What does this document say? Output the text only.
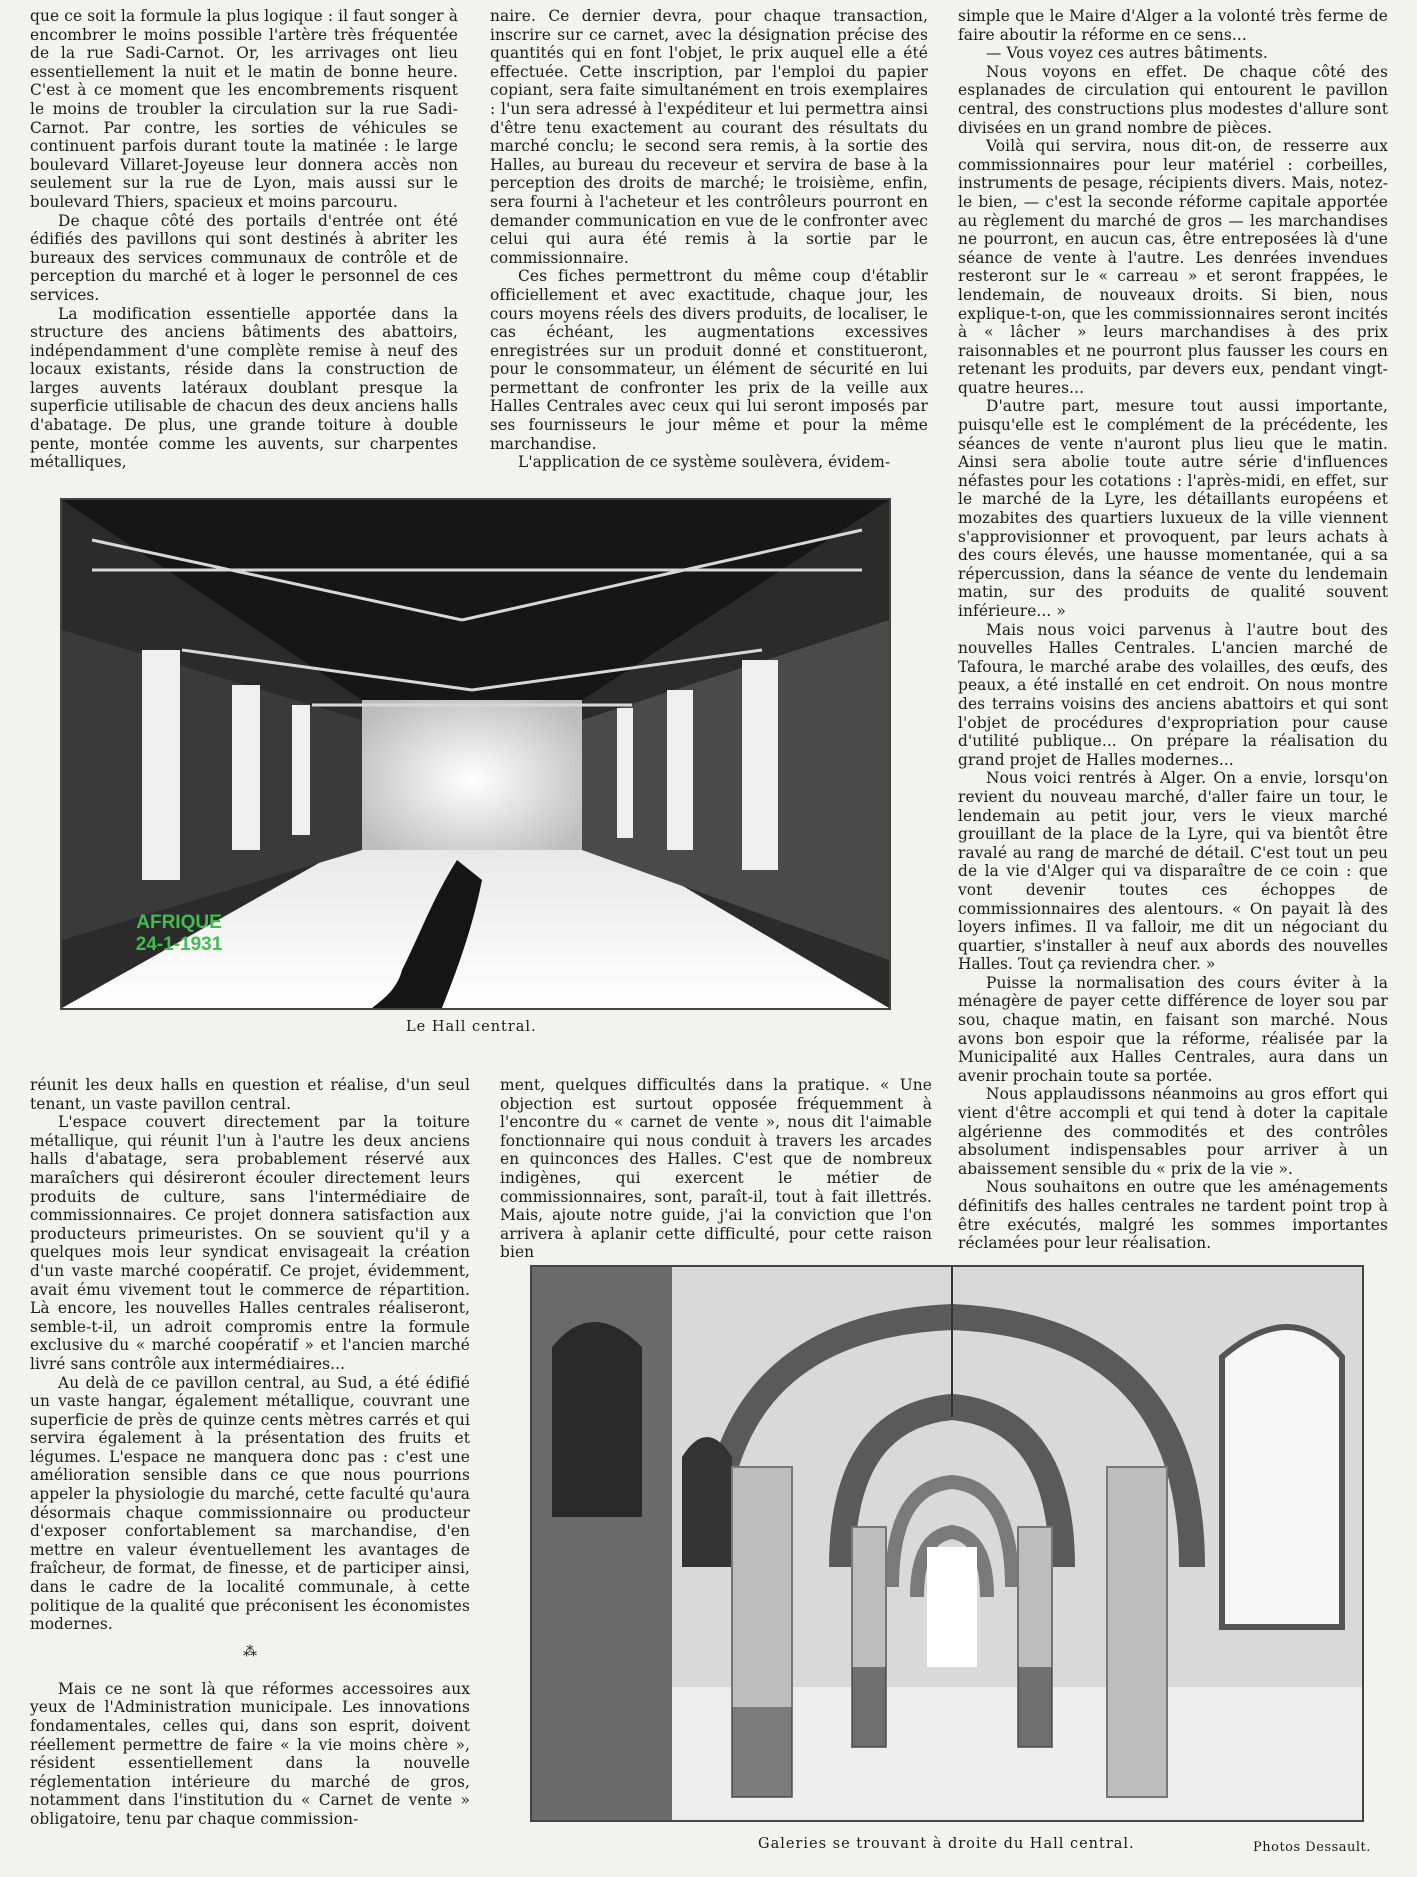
que ce soit la formule la plus logique : il faut songer à encombrer le moins possible l'artère très fréquentée de la rue Sadi-Carnot. Or, les arrivages ont lieu essentiellement la nuit et le matin de bonne heure. C'est à ce moment que les encombrements risquent le moins de troubler la circulation sur la rue Sadi-Carnot. Par contre, les sorties de véhicules se continuent parfois durant toute la matinée : le large boulevard Villaret-Joyeuse leur donnera accès non seulement sur la rue de Lyon, mais aussi sur le boulevard Thiers, spacieux et moins parcouru.

De chaque côté des portails d'entrée ont été édifiés des pavillons qui sont destinés à abriter les bureaux des services communaux de contrôle et de perception du marché et à loger le personnel de ces services.

La modification essentielle apportée dans la structure des anciens bâtiments des abattoirs, indépendamment d'une complète remise à neuf des locaux existants, réside dans la construction de larges auvents latéraux doublant presque la superficie utilisable de chacun des deux anciens halls d'abatage. De plus, une grande toiture à double pente, montée comme les auvents, sur charpentes métalliques,

naire. Ce dernier devra, pour chaque transaction, inscrire sur ce carnet, avec la désignation précise des quantités qui en font l'objet, le prix auquel elle a été effectuée. Cette inscription, par l'emploi du papier copiant, sera faite simultanément en trois exemplaires : l'un sera adressé à l'expéditeur et lui permettra ainsi d'être tenu exactement au courant des résultats du marché conclu; le second sera remis, à la sortie des Halles, au bureau du receveur et servira de base à la perception des droits de marché; le troisième, enfin, sera fourni à l'acheteur et les contrôleurs pourront en demander communication en vue de le confronter avec celui qui aura été remis à la sortie par le commissionnaire.

Ces fiches permettront du même coup d'établir officiellement et avec exactitude, chaque jour, les cours moyens réels des divers produits, de localiser, le cas échéant, les augmentations excessives enregistrées sur un produit donné et constitueront, pour le consommateur, un élément de sécurité en lui permettant de confronter les prix de la veille aux Halles Centrales avec ceux qui lui seront imposés par ses fournisseurs le jour même et pour la même marchandise.

L'application de ce système soulèvera, évidem-

simple que le Maire d'Alger a la volonté très ferme de faire aboutir la réforme en ce sens...

— Vous voyez ces autres bâtiments.

Nous voyons en effet. De chaque côté des esplanades de circulation qui entourent le pavillon central, des constructions plus modestes d'allure sont divisées en un grand nombre de pièces.

Voilà qui servira, nous dit-on, de resserre aux commissionnaires pour leur matériel : corbeilles, instruments de pesage, récipients divers. Mais, notez-le bien, — c'est la seconde réforme capitale apportée au règlement du marché de gros — les marchandises ne pourront, en aucun cas, être entreposées là d'une séance de vente à l'autre. Les denrées invendues resteront sur le « carreau » et seront frappées, le lendemain, de nouveaux droits. Si bien, nous explique-t-on, que les commissionnaires seront incités à « lâcher » leurs marchandises à des prix raisonnables et ne pourront plus fausser les cours en retenant les produits, par devers eux, pendant vingt-quatre heures...

D'autre part, mesure tout aussi importante, puisqu'elle est le complément de la précédente, les séances de vente n'auront plus lieu que le matin. Ainsi sera abolie toute autre série d'influences néfastes pour les cotations : l'après-midi, en effet, sur le marché de la Lyre, les détaillants européens et mozabites des quartiers luxueux de la ville viennent s'approvisionner et provoquent, par leurs achats à des cours élevés, une hausse momentanée, qui a sa répercussion, dans la séance de vente du lendemain matin, sur des produits de qualité souvent inférieure... »

Mais nous voici parvenus à l'autre bout des nouvelles Halles Centrales. L'ancien marché de Tafoura, le marché arabe des volailles, des œufs, des peaux, a été installé en cet endroit. On nous montre des terrains voisins des anciens abattoirs et qui sont l'objet de procédures d'expropriation pour cause d'utilité publique... On prépare la réalisation du grand projet de Halles modernes...

Nous voici rentrés à Alger. On a envie, lorsqu'on revient du nouveau marché, d'aller faire un tour, le lendemain au petit jour, vers le vieux marché grouillant de la place de la Lyre, qui va bientôt être ravalé au rang de marché de détail. C'est tout un peu de la vie d'Alger qui va disparaître de ce coin : que vont devenir toutes ces échoppes de commissionnaires des alentours. « On payait là des loyers infimes. Il va falloir, me dit un négociant du quartier, s'installer à neuf aux abords des nouvelles Halles. Tout ça reviendra cher. »

Puisse la normalisation des cours éviter à la ménagère de payer cette différence de loyer sou par sou, chaque matin, en faisant son marché. Nous avons bon espoir que la réforme, réalisée par la Municipalité aux Halles Centrales, aura dans un avenir prochain toute sa portée.

Nous applaudissons néanmoins au gros effort qui vient d'être accompli et qui tend à doter la capitale algérienne des commodités et des contrôles absolument indispensables pour arriver à un abaissement sensible du « prix de la vie ».

Nous souhaitons en outre que les aménagements définitifs des halles centrales ne tardent point trop à être exécutés, malgré les sommes importantes réclamées pour leur réalisation.

AFRIQUE
24-1-1931
Le Hall central.

réunit les deux halls en question et réalise, d'un seul tenant, un vaste pavillon central.

L'espace couvert directement par la toiture métallique, qui réunit l'un à l'autre les deux anciens halls d'abatage, sera probablement réservé aux maraîchers qui désireront écouler directement leurs produits de culture, sans l'intermédiaire de commissionnaires. Ce projet donnera satisfaction aux producteurs primeuristes. On se souvient qu'il y a quelques mois leur syndicat envisageait la création d'un vaste marché coopératif. Ce projet, évidemment, avait ému vivement tout le commerce de répartition. Là encore, les nouvelles Halles centrales réaliseront, semble-t-il, un adroit compromis entre la formule exclusive du « marché coopératif » et l'ancien marché livré sans contrôle aux intermédiaires...

Au delà de ce pavillon central, au Sud, a été édifié un vaste hangar, également métallique, couvrant une superficie de près de quinze cents mètres carrés et qui servira également à la présentation des fruits et légumes. L'espace ne manquera donc pas : c'est une amélioration sensible dans ce que nous pourrions appeler la physiologie du marché, cette faculté qu'aura désormais chaque commissionnaire ou producteur d'exposer confortablement sa marchandise, d'en mettre en valeur éventuellement les avantages de fraîcheur, de format, de finesse, et de participer ainsi, dans le cadre de la localité communale, à cette politique de la qualité que préconisent les économistes modernes.

⁂

Mais ce ne sont là que réformes accessoires aux yeux de l'Administration municipale. Les innovations fondamentales, celles qui, dans son esprit, doivent réellement permettre de faire « la vie moins chère », résident essentiellement dans la nouvelle réglementation intérieure du marché de gros, notamment dans l'institution du « Carnet de vente » obligatoire, tenu par chaque commission-

ment, quelques difficultés dans la pratique. « Une objection est surtout opposée fréquemment à l'encontre du « carnet de vente », nous dit l'aimable fonctionnaire qui nous conduit à travers les arcades en quinconces des Halles. C'est que de nombreux indigènes, qui exercent le métier de commissionnaires, sont, paraît-il, tout à fait illettrés. Mais, ajoute notre guide, j'ai la conviction que l'on arrivera à aplanir cette difficulté, pour cette raison bien

Galeries se trouvant à droite du Hall central.	Photos Dessault.
